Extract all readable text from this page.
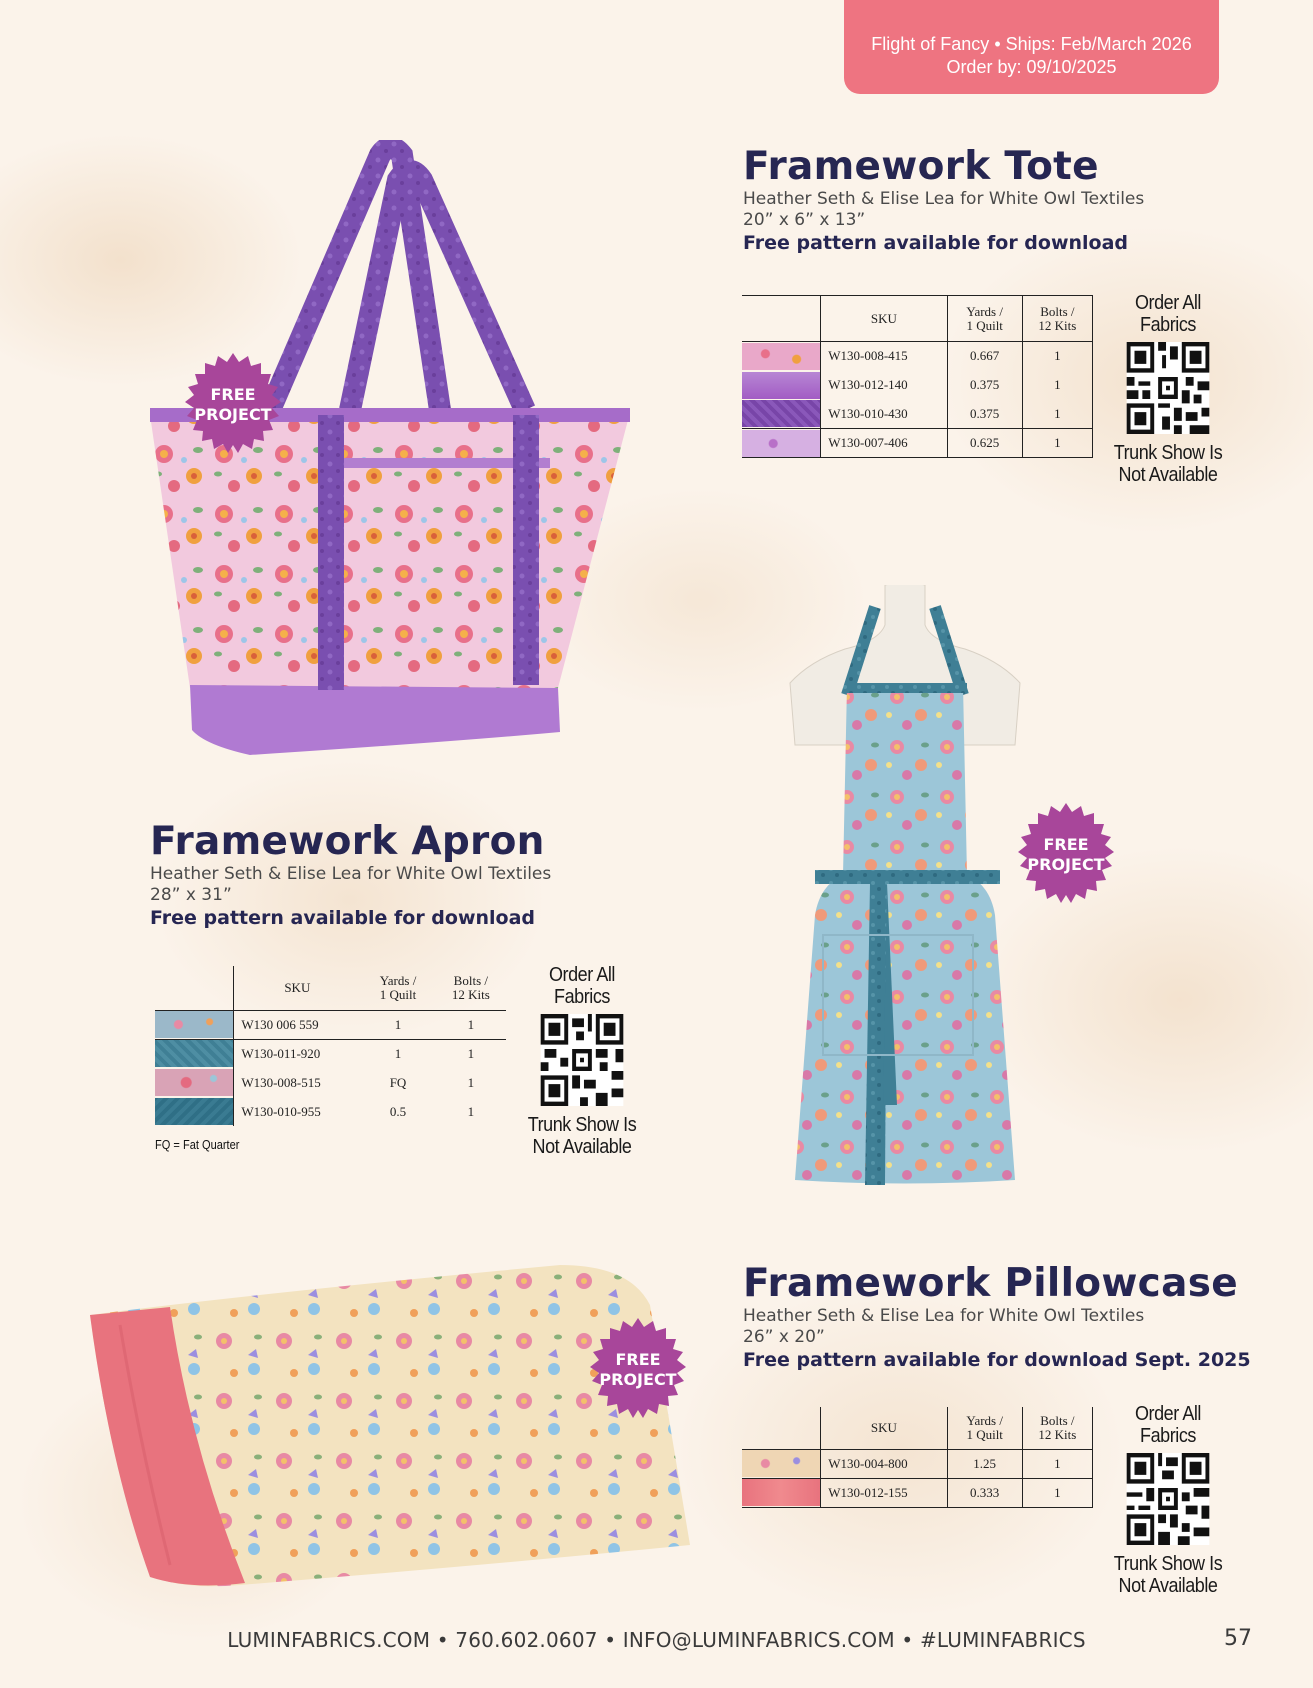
Flight of Fancy • Ships: Feb/March 2026
Order by: 09/10/2025
FREE
PROJECT
Framework Tote
Heather Seth & Elise Lea for White Owl Textiles
20” x 6” x 13”
Free pattern available for download
	SKU	Yards /
1 Quilt	Bolts /
12 Kits

	W130-008-415	0.667	1

	W130-012-140	0.375	1

	W130-010-430	0.375	1

	W130-007-406	0.625	1
Order All
Fabrics
Trunk Show Is
Not Available
FREE
PROJECT
Framework Apron
Heather Seth & Elise Lea for White Owl Textiles
28” x 31”
Free pattern available for download
	SKU	Yards /
1 Quilt	Bolts /
12 Kits

	W130 006 559	1	1

	W130-011-920	1	1

	W130-008-515	FQ	1

	W130-010-955	0.5	1
FQ = Fat Quarter
Order All
Fabrics
Trunk Show Is
Not Available
FREE
PROJECT
Framework Pillowcase
Heather Seth & Elise Lea for White Owl Textiles
26” x 20”
Free pattern available for download Sept. 2025
	SKU	Yards /
1 Quilt	Bolts /
12 Kits

	W130-004-800	1.25	1

	W130-012-155	0.333	1
Order All
Fabrics
Trunk Show Is
Not Available
LUMINFABRICS.COM • 760.602.0607 • INFO@LUMINFABRICS.COM • #LUMINFABRICS	57
